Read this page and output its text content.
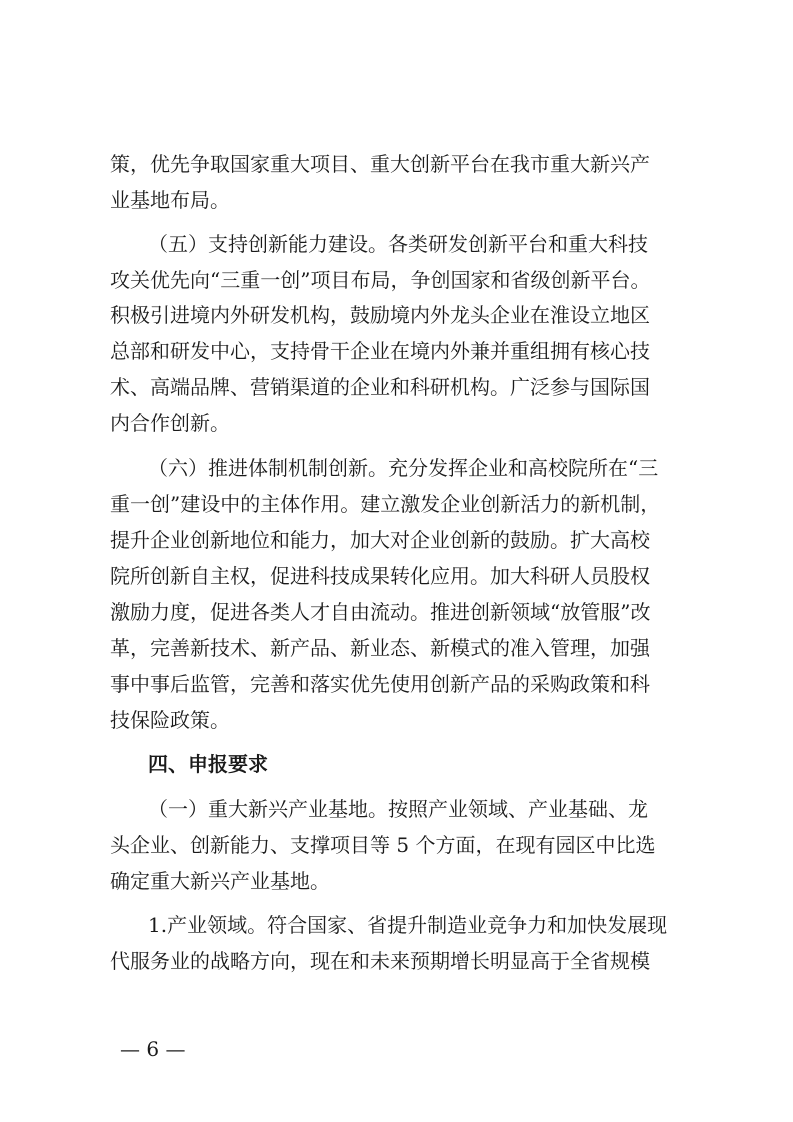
策，优先争取国家重大项目、重大创新平台在我市重大新兴产
业基地布局。
（五）支持创新能力建设。各类研发创新平台和重大科技
攻关优先向“三重一创”项目布局，争创国家和省级创新平台。
积极引进境内外研发机构，鼓励境内外龙头企业在淮设立地区
总部和研发中心，支持骨干企业在境内外兼并重组拥有核心技
术、高端品牌、营销渠道的企业和科研机构。广泛参与国际国
内合作创新。
（六）推进体制机制创新。充分发挥企业和高校院所在“三
重一创”建设中的主体作用。建立激发企业创新活力的新机制，
提升企业创新地位和能力，加大对企业创新的鼓励。扩大高校
院所创新自主权，促进科技成果转化应用。加大科研人员股权
激励力度，促进各类人才自由流动。推进创新领域“放管服”改
革，完善新技术、新产品、新业态、新模式的准入管理，加强
事中事后监管，完善和落实优先使用创新产品的采购政策和科
技保险政策。
四、申报要求
（一）重大新兴产业基地。按照产业领域、产业基础、龙
头企业、创新能力、支撑项目等 5 个方面，在现有园区中比选
确定重大新兴产业基地。
1.产业领域。符合国家、省提升制造业竞争力和加快发展现
代服务业的战略方向，现在和未来预期增长明显高于全省规模
— 6 —
